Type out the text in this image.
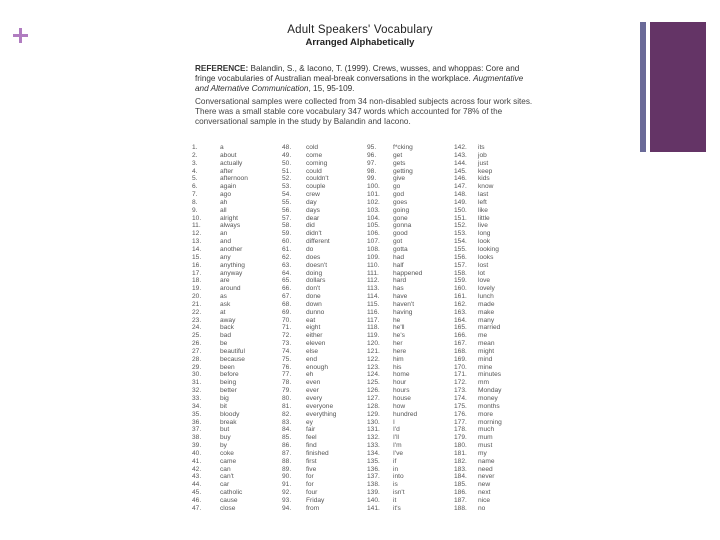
Adult Speakers' Vocabulary
Arranged Alphabetically
REFERENCE: Balandin, S., & Iacono, T. (1999). Crews, wusses, and whoppas: Core and fringe vocabularies of Australian meal-break conversations in the workplace. Augmentative and Alternative Communication, 15, 95-109.
Conversational samples were collected from 34 non-disabled subjects across four work sites. There was a small stable core vocabulary 347 words which accounted for 78% of the conversational sample in the study by Balandin and Iacono.
1.	a
2.	about
3.	actually
4.	after
5.	afternoon
6.	again
7.	ago
8.	ah
9.	all
10.	alright
11.	always
12.	an
13.	and
14.	another
15.	any
16.	anything
17.	anyway
18.	are
19.	around
20.	as
21.	ask
22.	at
23.	away
24.	back
25.	bad
26.	be
27.	beautiful
28.	because
29.	been
30.	before
31.	being
32.	better
33.	big
34.	bit
35.	bloody
36.	break
37.	but
38.	buy
39.	by
40.	coke
41.	came
42.	can
43.	can't
44.	car
45.	catholic
46.	cause
47.	close
48. cold
49. come
50. coming
51. could
52. couldn't
53. couple
54. crew
55. day
56. days
57. dear
58. did
59. didn't
60. different
61. do
62. does
63. doesn't
64. doing
65. dollars
66. don't
67. done
68. down
69. dunno
70. eat
71. eight
72. either
73. eleven
74. else
75. end
76. enough
77. eh
78. even
79. ever
80. every
81. everyone
82. everything
83. ey
84. fair
85. feel
86. find
87. finished
88. first
89. five
90. for
91. for
92. four
93. Friday
94. from
95.	f*cking
96.	get
97.	gets
98.	getting
99.	give
100. go
101. god
102. goes
103. going
104. gone
105. gonna
106. good
107. got
108. gotta
109. had
110. half
111. happened
112. hard
113. has
114. have
115. haven't
116. having
117. he
118. he'll
119. he's
120. her
121. here
122. him
123. his
124. home
125. hour
126. hours
127. house
128. how
129. hundred
130. I
131. I'd
132. I'll
133. I'm
134. I've
135. if
136. in
137. into
138. is
139. isn't
140. it
141. it's
142. its
143. job
144. just
145. keep
146. kids
147. know
148. last
149. left
150. like
151. little
152. live
153. long
154. look
155. looking
156. looks
157. lost
158. lot
159. love
160. lovely
161. lunch
162. made
163. make
164. many
165. married
166. me
167. mean
168. might
169. mind
170. mine
171. minutes
172. mm
173. Monday
174. money
175. months
176. more
177. morning
178. much
179. mum
180. must
181. my
182. name
183. need
184. never
185. new
186. next
187. nice
188. no
